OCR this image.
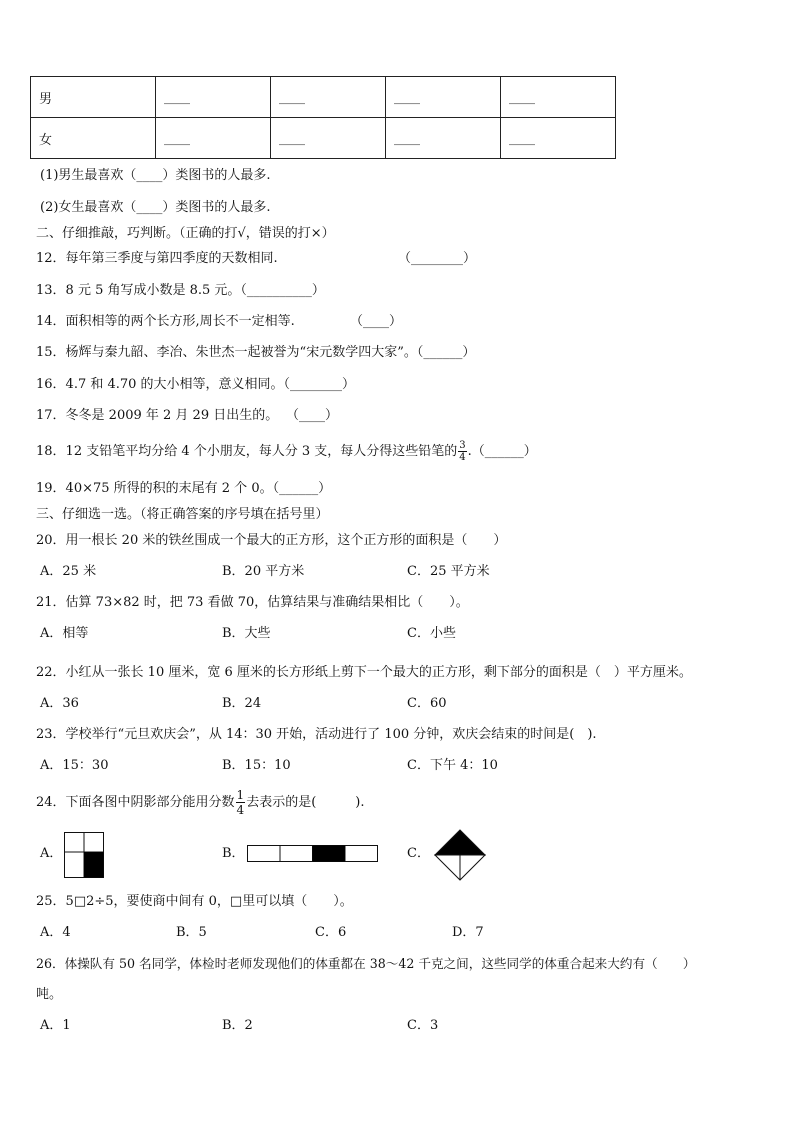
男	____	____	____	____
女	____	____	____	____
(1)男生最喜欢（____）类图书的人最多.
(2)女生最喜欢（____）类图书的人最多.
二、仔细推敲，巧判断。（正确的打√，错误的打×）
12．每年第三季度与第四季度的天数相同.	（________）
13．8 元 5 角写成小数是 8.5 元。（__________）
14．面积相等的两个长方形,周长不一定相等.	（____）
15．杨辉与秦九韶、李冶、朱世杰一起被誉为“宋元数学四大家”。（______）
16．4.7 和 4.70 的大小相等，意义相同。（________）
17．冬冬是 2009 年 2 月 29 日出生的。 （____）
18．12 支铅笔平均分给 4 个小朋友，每人分 3 支，每人分得这些铅笔的 $\frac{3}{4}$ .（______）
19．40×75 所得的积的末尾有 2 个 0。（______）
三、仔细选一选。（将正确答案的序号填在括号里）
20．用一根长 20 米的铁丝围成一个最大的正方形，这个正方形的面积是（　　）
A．25 米	B．20 平方米	C．25 平方米
21．估算 73×82 时，把 73 看做 70，估算结果与准确结果相比（　　）。
A．相等	B．大些	C．小些
22．小红从一张长 10 厘米，宽 6 厘米的长方形纸上剪下一个最大的正方形，剩下部分的面积是（　）平方厘米。
A．36	B．24	C．60
23．学校举行“元旦欢庆会”，从 14：30 开始，活动进行了 100 分钟，欢庆会结束的时间是(　).
A．15：30	B．15：10	C．下午 4：10
24．下面各图中阴影部分能用分数 $\frac{1}{4}$ 去表示的是(　　　).
A．	B．	C．
25．5□2÷5，要使商中间有 0，□里可以填（　　）。
A．4	B．5	C．6	D．7
26．体操队有 50 名同学，体检时老师发现他们的体重都在 38～42 千克之间，这些同学的体重合起来大约有（　　）
吨。
A．1	B．2	C．3
